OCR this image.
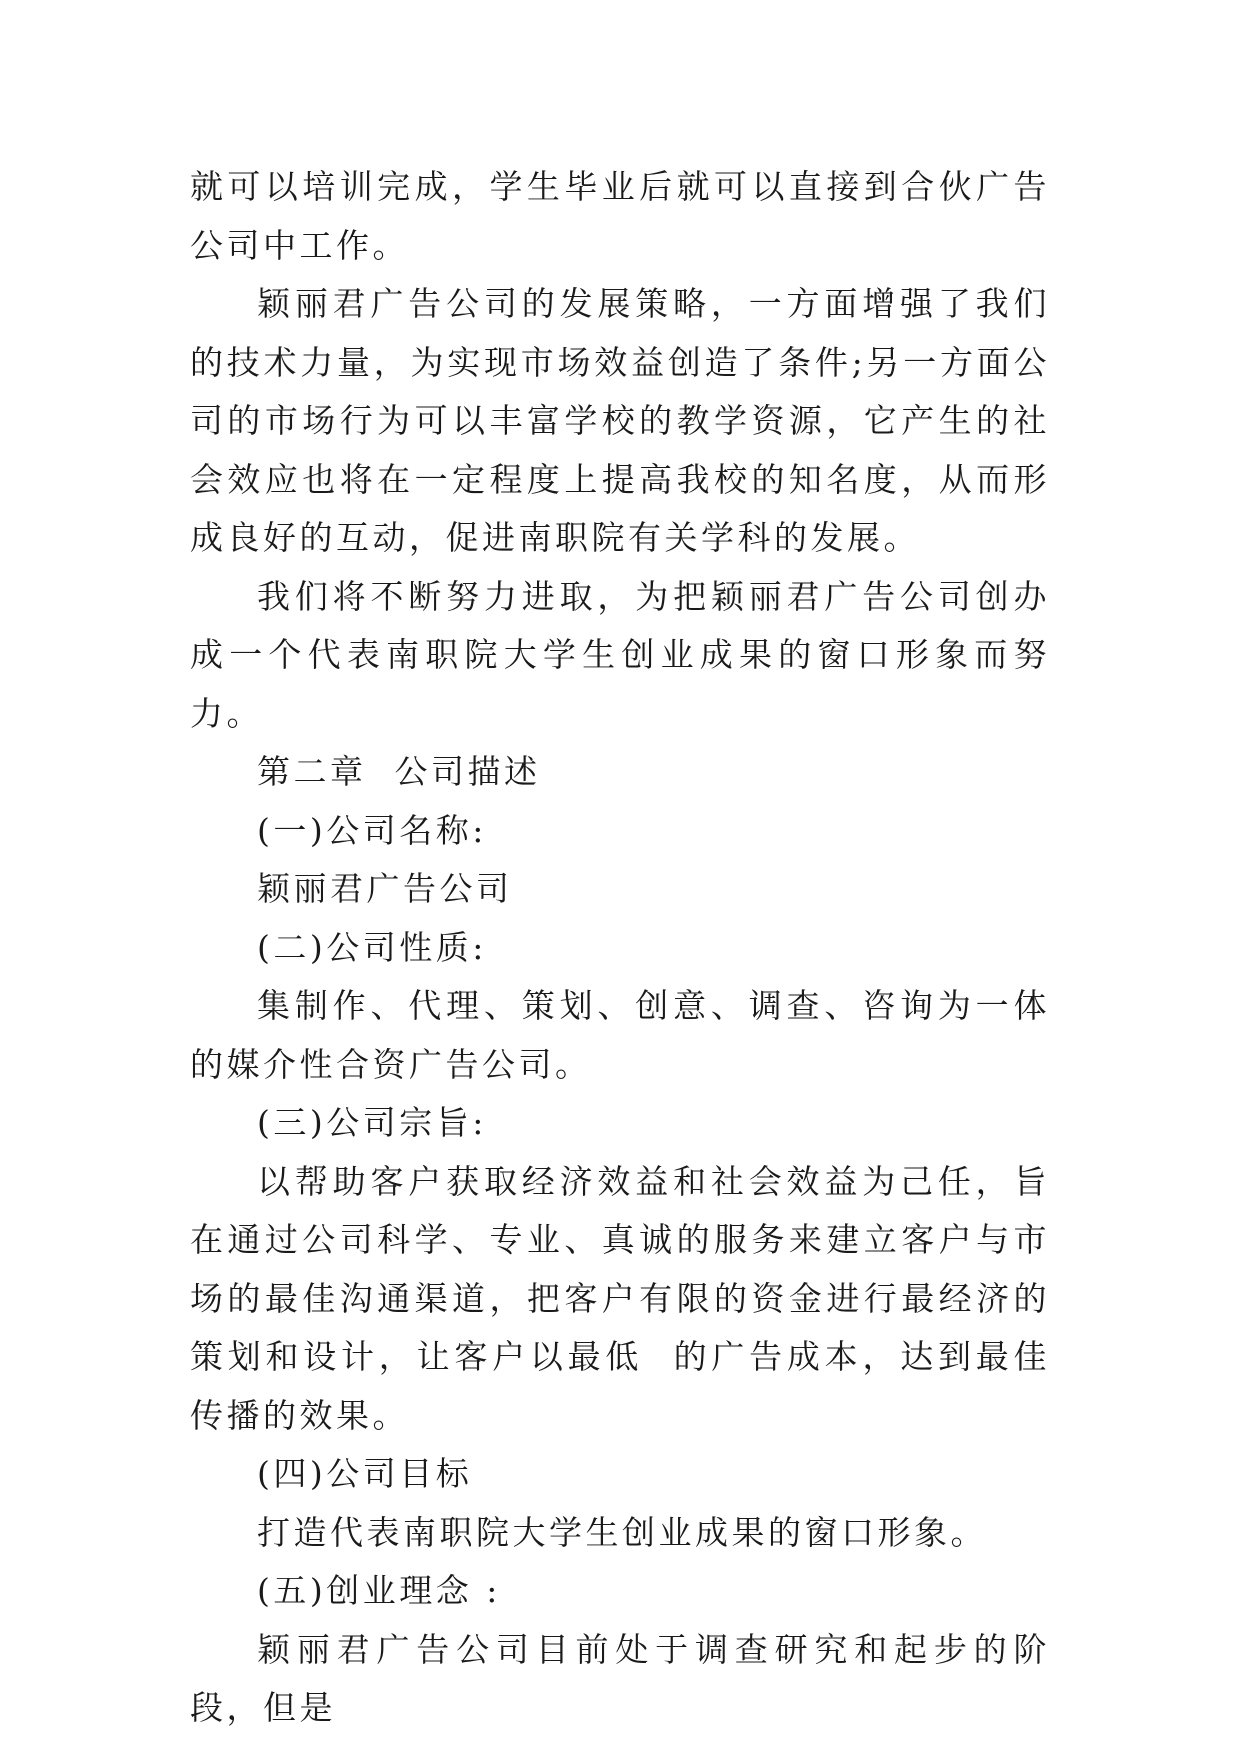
就可以培训完成，学生毕业后就可以直接到合伙广告公司中工作。

颖丽君广告公司的发展策略，一方面增强了我们的技术力量，为实现市场效益创造了条件;另一方面公司的市场行为可以丰富学校的教学资源，它产生的社会效应也将在一定程度上提高我校的知名度，从而形成良好的互动，促进南职院有关学科的发展。

我们将不断努力进取，为把颖丽君广告公司创办成一个代表南职院大学生创业成果的窗口形象而努力。

第二章  公司描述

(一)公司名称:

颖丽君广告公司

(二)公司性质:

集制作、代理、策划、创意、调查、咨询为一体的媒介性合资广告公司。

(三)公司宗旨:

以帮助客户获取经济效益和社会效益为己任，旨在通过公司科学、专业、真诚的服务来建立客户与市场的最佳沟通渠道，把客户有限的资金进行最经济的策划和设计，让客户以最低  的广告成本，达到最佳传播的效果。

(四)公司目标

打造代表南职院大学生创业成果的窗口形象。

(五)创业理念 :

颖丽君广告公司目前处于调查研究和起步的阶段，但是
